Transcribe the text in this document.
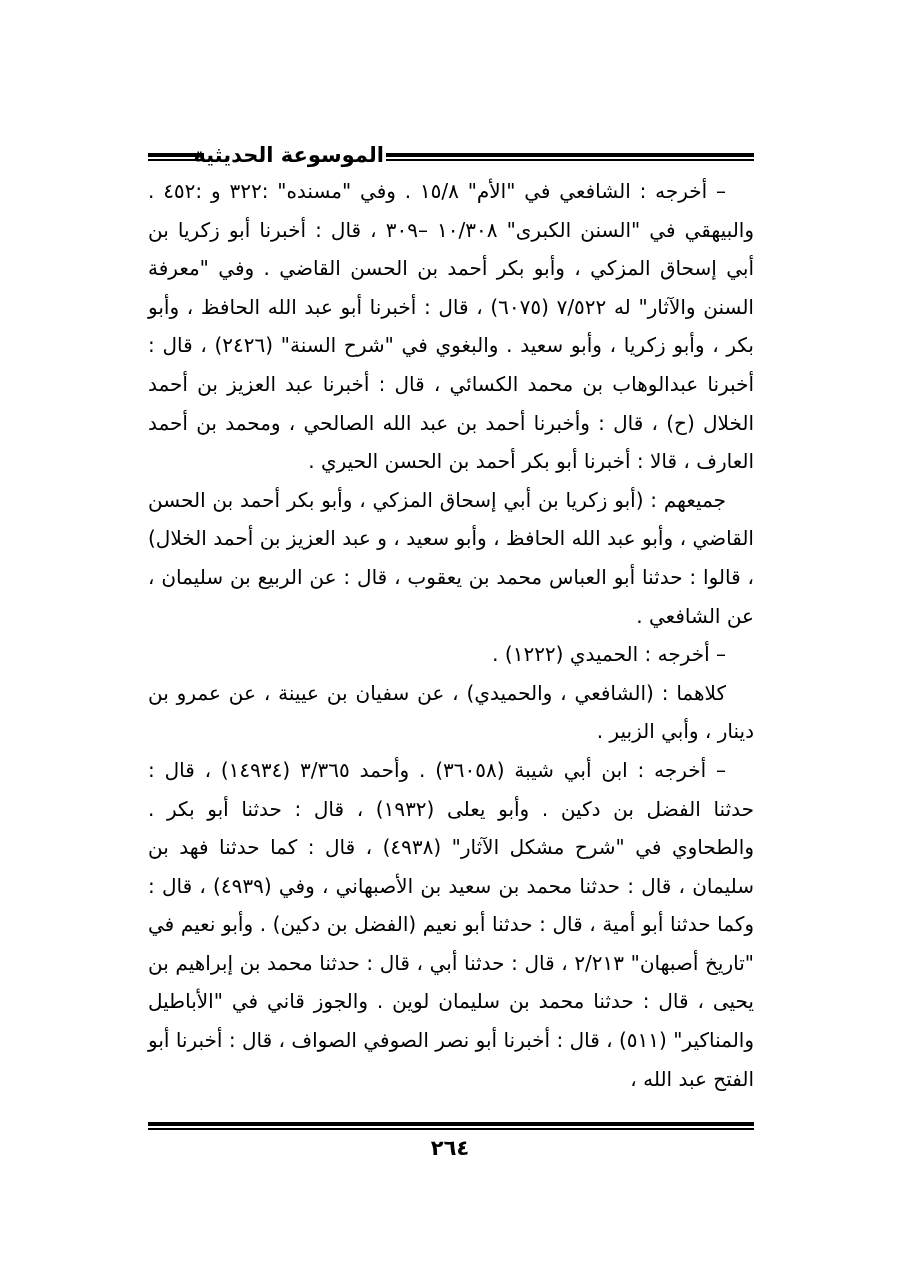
الموسوعة الحديثية

– أخرجه : الشافعي في "الأم" ١٥/٨ . وفي "مسنده" :٣٢٢ و :٤٥٢ . والبيهقي في "السنن الكبرى" ١٠/٣٠٨ –٣٠٩ ، قال : أخبرنا أبو زكريا بن أبي إسحاق المزكي ، وأبو بكر أحمد بن الحسن القاضي . وفي "معرفة السنن والآثار" له ٧/٥٢٢ (٦٠٧٥) ، قال : أخبرنا أبو عبد الله الحافظ ، وأبو بكر ، وأبو زكريا ، وأبو سعيد . والبغوي في "شرح السنة" (٢٤٢٦) ، قال : أخبرنا عبدالوهاب بن محمد الكسائي ، قال : أخبرنا عبد العزيز بن أحمد الخلال (ح) ، قال : وأخبرنا أحمد بن عبد الله الصالحي ، ومحمد بن أحمد العارف ، قالا : أخبرنا أبو بكر أحمد بن الحسن الحيري .

جميعهم : (أبو زكريا بن أبي إسحاق المزكي ، وأبو بكر أحمد بن الحسن القاضي ، وأبو عبد الله الحافظ ، وأبو سعيد ، و عبد العزيز بن أحمد الخلال) ، قالوا : حدثنا أبو العباس محمد بن يعقوب ، قال : عن الربيع بن سليمان ، عن الشافعي .

– أخرجه : الحميدي (١٢٢٢) .

كلاهما : (الشافعي ، والحميدي) ، عن سفيان بن عيينة ، عن عمرو بن دينار ، وأبي الزبير .

– أخرجه : ابن أبي شيبة (٣٦٠٥٨) . وأحمد ٣/٣٦٥ (١٤٩٣٤) ، قال : حدثنا الفضل بن دكين . وأبو يعلى (١٩٣٢) ، قال : حدثنا أبو بكر . والطحاوي في "شرح مشكل الآثار" (٤٩٣٨) ، قال : كما حدثنا فهد بن سليمان ، قال : حدثنا محمد بن سعيد بن الأصبهاني ، وفي (٤٩٣٩) ، قال : وكما حدثنا أبو أمية ، قال : حدثنا أبو نعيم (الفضل بن دكين) . وأبو نعيم في "تاريخ أصبهان" ٢/٢١٣ ، قال : حدثنا أبي ، قال : حدثنا محمد بن إبراهيم بن يحيى ، قال : حدثنا محمد بن سليمان لوين . والجوز قاني في "الأباطيل والمناكير" (٥١١) ، قال : أخبرنا أبو نصر الصوفي الصواف ، قال : أخبرنا أبو الفتح عبد الله ،

٢٦٤
